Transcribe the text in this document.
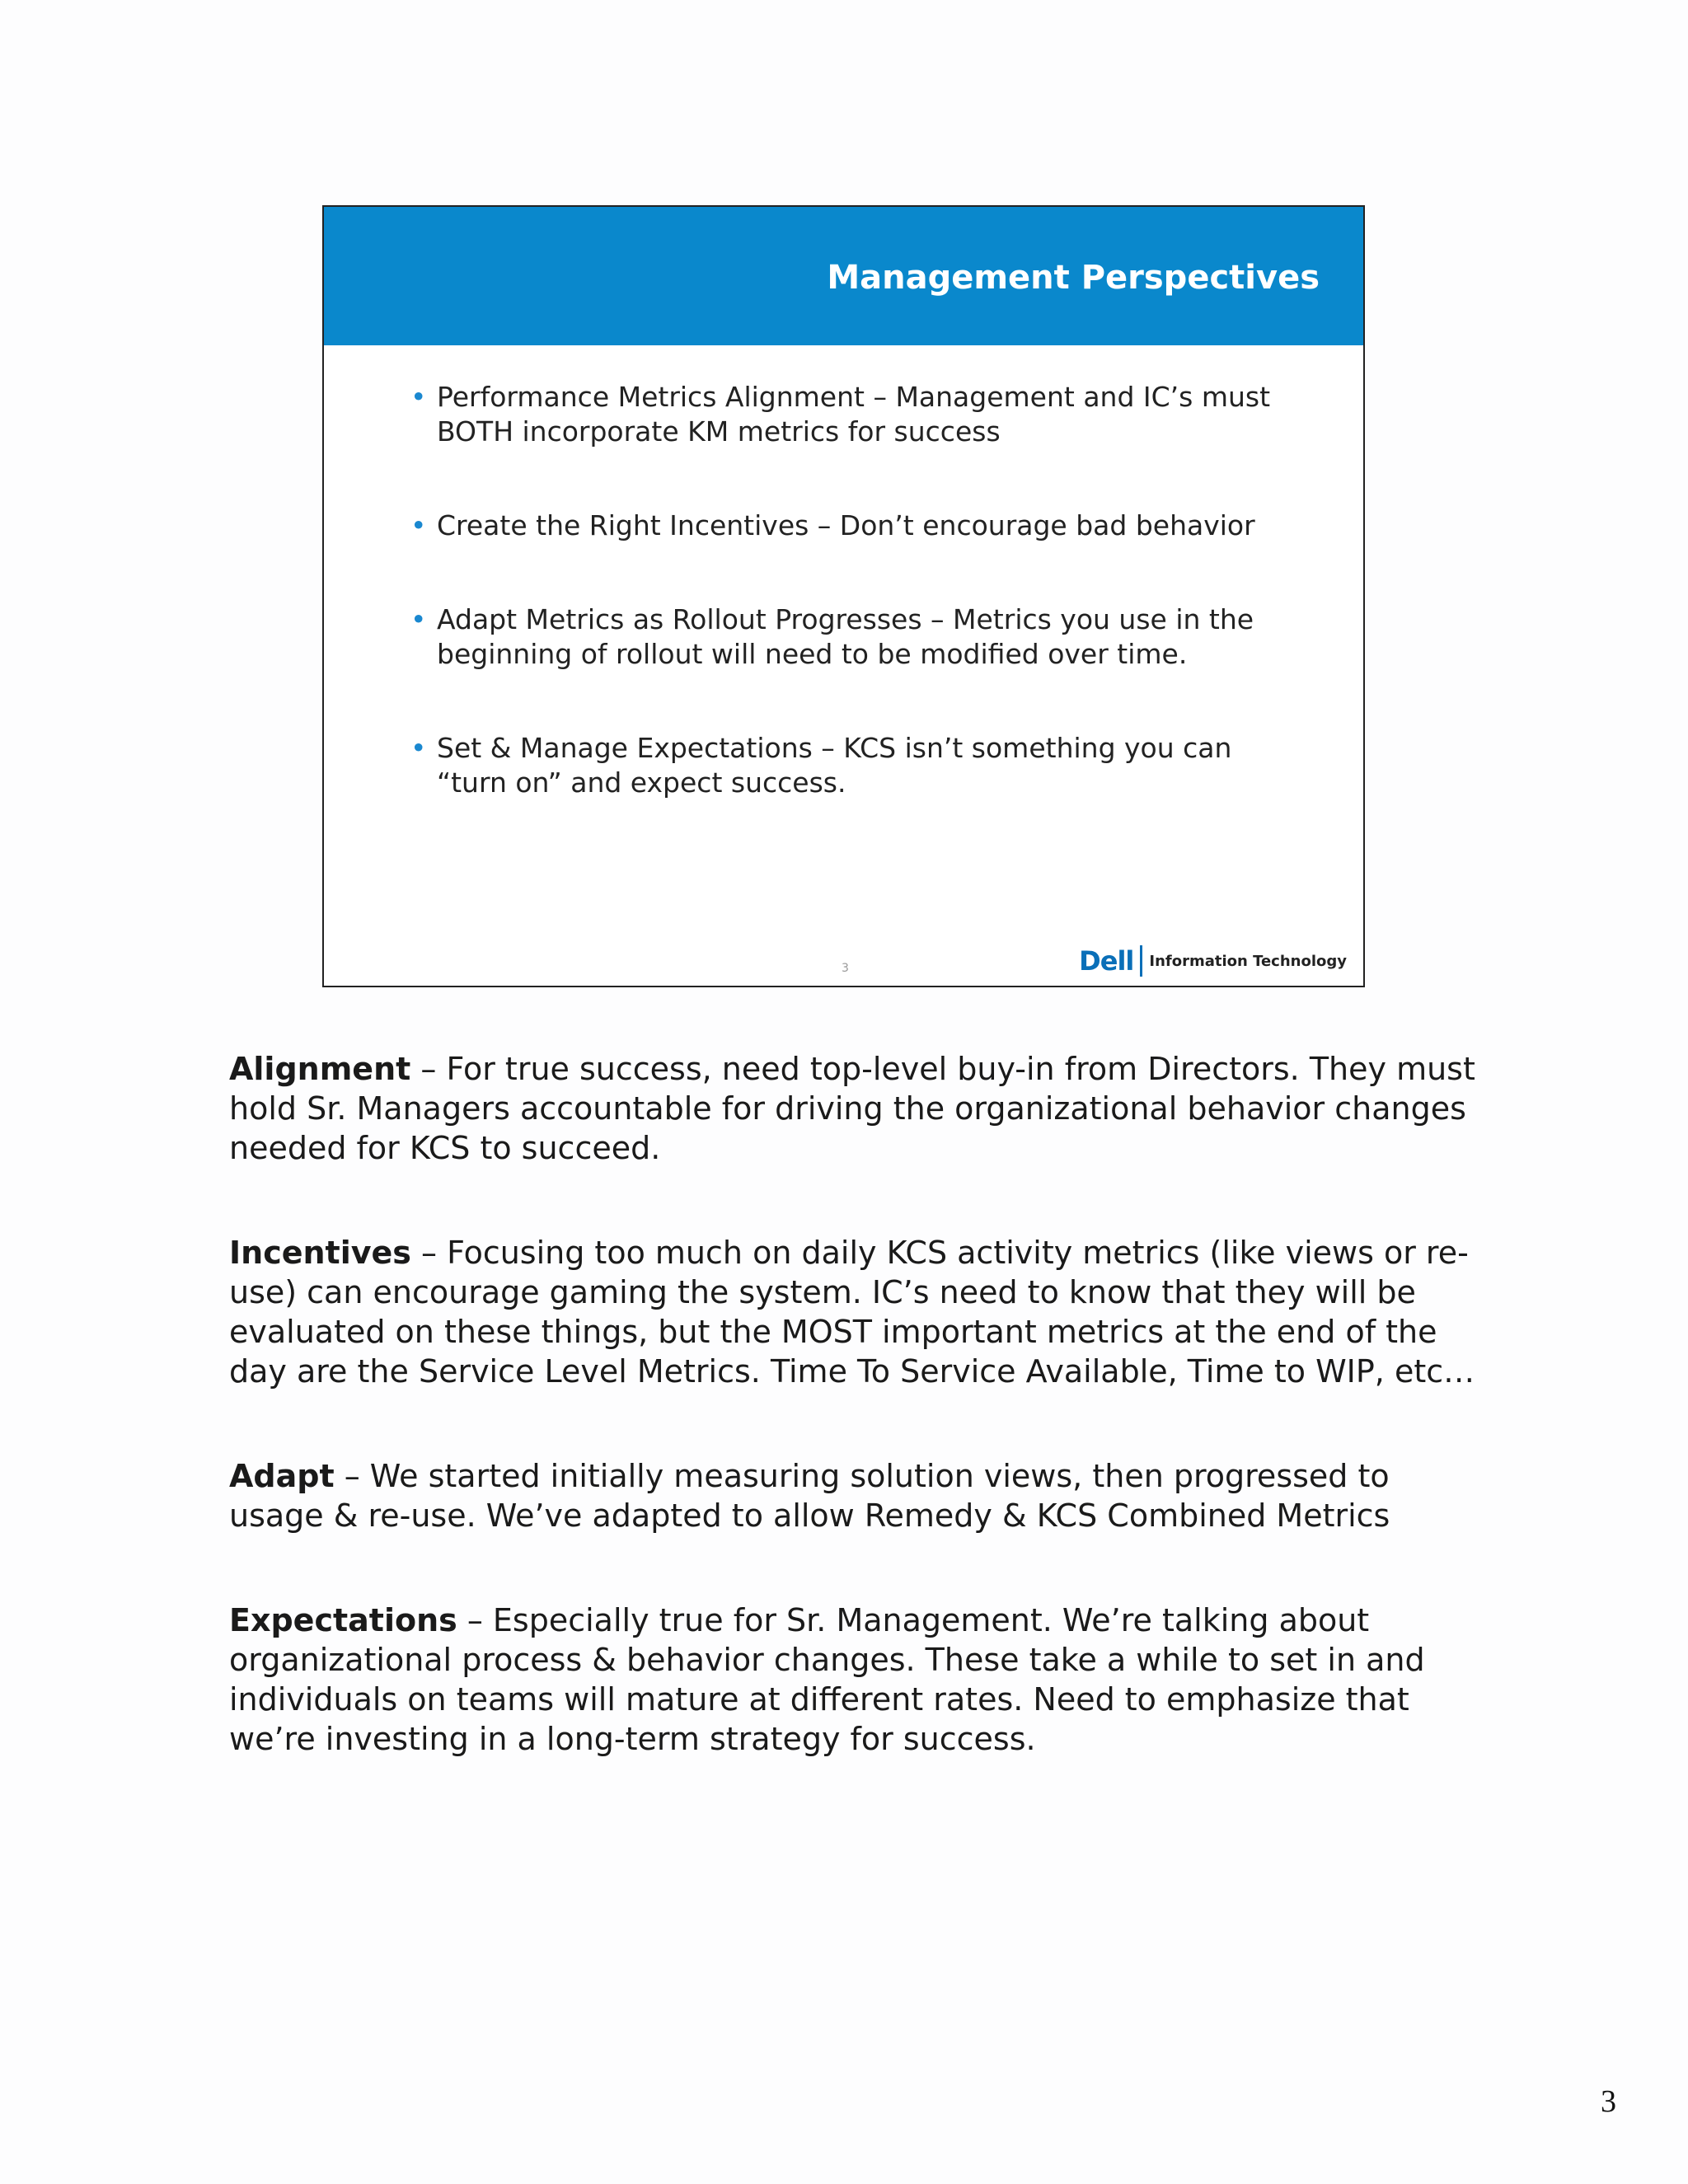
Management Perspectives
• Performance Metrics Alignment – Management and IC’s must BOTH incorporate KM metrics for success
• Create the Right Incentives – Don’t encourage bad behavior
• Adapt Metrics as Rollout Progresses – Metrics you use in the beginning of rollout will need to be modified over time.
• Set & Manage Expectations – KCS isn’t something you can “turn on” and expect success.
3	Dell Information Technology

Alignment – For true success, need top-level buy-in from Directors. They must hold Sr. Managers accountable for driving the organizational behavior changes needed for KCS to succeed.

Incentives – Focusing too much on daily KCS activity metrics (like views or re-use) can encourage gaming the system. IC’s need to know that they will be evaluated on these things, but the MOST important metrics at the end of the day are the Service Level Metrics. Time To Service Available, Time to WIP, etc…

Adapt – We started initially measuring solution views, then progressed to usage & re-use. We’ve adapted to allow Remedy & KCS Combined Metrics

Expectations – Especially true for Sr. Management. We’re talking about organizational process & behavior changes. These take a while to set in and individuals on teams will mature at different rates. Need to emphasize that we’re investing in a long-term strategy for success.

3
